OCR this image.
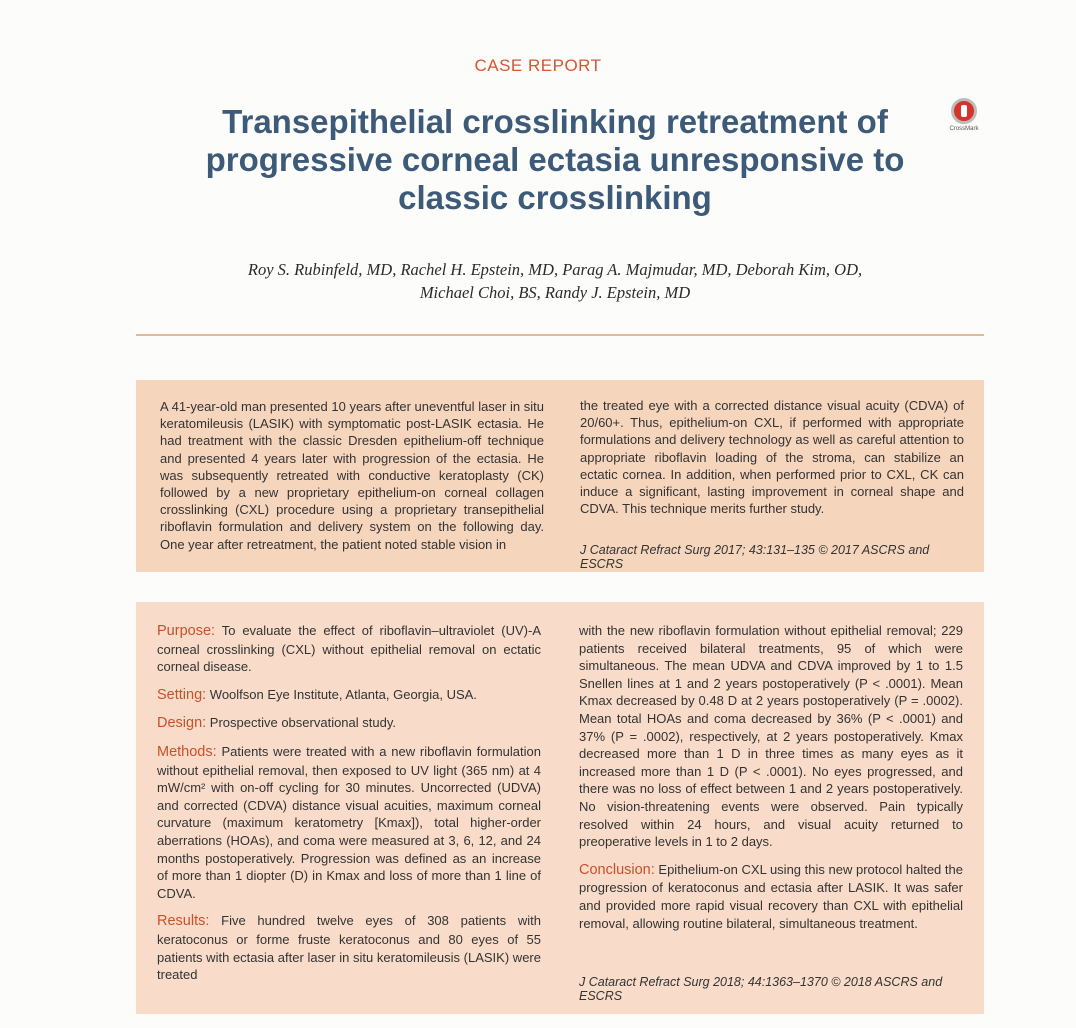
CASE REPORT
Transepithelial crosslinking retreatment of progressive corneal ectasia unresponsive to classic crosslinking
CrossMark
Roy S. Rubinfeld, MD, Rachel H. Epstein, MD, Parag A. Majmudar, MD, Deborah Kim, OD,
Michael Choi, BS, Randy J. Epstein, MD
A 41-year-old man presented 10 years after uneventful laser in situ keratomileusis (LASIK) with symptomatic post-LASIK ectasia. He had treatment with the classic Dresden epithelium-off technique and presented 4 years later with progression of the ectasia. He was subsequently retreated with conductive keratoplasty (CK) followed by a new proprietary epithelium-on corneal collagen crosslinking (CXL) procedure using a proprietary transepithelial riboflavin formulation and delivery system on the following day. One year after retreatment, the patient noted stable vision in
the treated eye with a corrected distance visual acuity (CDVA) of 20/60+. Thus, epithelium-on CXL, if performed with appropriate formulations and delivery technology as well as careful attention to appropriate riboflavin loading of the stroma, can stabilize an ectatic cornea. In addition, when performed prior to CXL, CK can induce a significant, lasting improvement in corneal shape and CDVA. This technique merits further study.
J Cataract Refract Surg 2017; 43:131–135 © 2017 ASCRS and ESCRS

Purpose: To evaluate the effect of riboflavin–ultraviolet (UV)-A corneal crosslinking (CXL) without epithelial removal on ectatic corneal disease.

Setting: Woolfson Eye Institute, Atlanta, Georgia, USA.

Design: Prospective observational study.

Methods: Patients were treated with a new riboflavin formulation without epithelial removal, then exposed to UV light (365 nm) at 4 mW/cm² with on-off cycling for 30 minutes. Uncorrected (UDVA) and corrected (CDVA) distance visual acuities, maximum corneal curvature (maximum keratometry [Kmax]), total higher-order aberrations (HOAs), and coma were measured at 3, 6, 12, and 24 months postoperatively. Progression was defined as an increase of more than 1 diopter (D) in Kmax and loss of more than 1 line of CDVA.

Results: Five hundred twelve eyes of 308 patients with keratoconus or forme fruste keratoconus and 80 eyes of 55 patients with ectasia after laser in situ keratomileusis (LASIK) were treated

with the new riboflavin formulation without epithelial removal; 229 patients received bilateral treatments, 95 of which were simultaneous. The mean UDVA and CDVA improved by 1 to 1.5 Snellen lines at 1 and 2 years postoperatively (P < .0001). Mean Kmax decreased by 0.48 D at 2 years postoperatively (P = .0002). Mean total HOAs and coma decreased by 36% (P < .0001) and 37% (P = .0002), respectively, at 2 years postoperatively. Kmax decreased more than 1 D in three times as many eyes as it increased more than 1 D (P < .0001). No eyes progressed, and there was no loss of effect between 1 and 2 years postoperatively. No vision-threatening events were observed. Pain typically resolved within 24 hours, and visual acuity returned to preoperative levels in 1 to 2 days.

Conclusion: Epithelium-on CXL using this new protocol halted the progression of keratoconus and ectasia after LASIK. It was safer and provided more rapid visual recovery than CXL with epithelial removal, allowing routine bilateral, simultaneous treatment.

J Cataract Refract Surg 2018; 44:1363–1370 © 2018 ASCRS and ESCRS
